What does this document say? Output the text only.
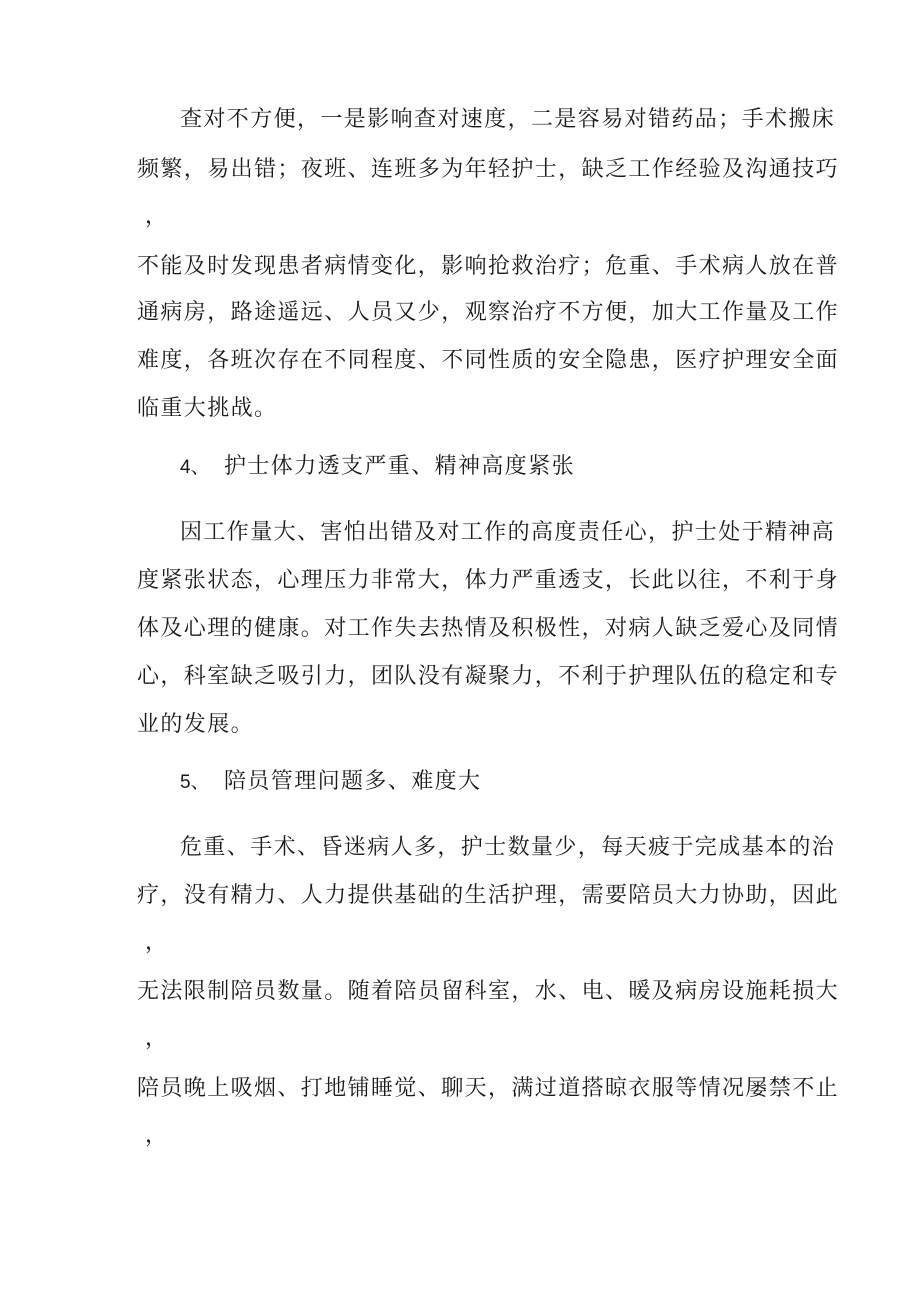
查对不方便，一是影响查对速度，二是容易对错药品；手术搬床
频繁，易出错；夜班、连班多为年轻护士，缺乏工作经验及沟通技巧
，
不能及时发现患者病情变化，影响抢救治疗；危重、手术病人放在普
通病房，路途遥远、人员又少，观察治疗不方便，加大工作量及工作
难度，各班次存在不同程度、不同性质的安全隐患，医疗护理安全面
临重大挑战。
4、 护士体力透支严重、精神高度紧张
因工作量大、害怕出错及对工作的高度责任心，护士处于精神高
度紧张状态，心理压力非常大，体力严重透支，长此以往，不利于身
体及心理的健康。对工作失去热情及积极性，对病人缺乏爱心及同情
心，科室缺乏吸引力，团队没有凝聚力，不利于护理队伍的稳定和专
业的发展。
5、 陪员管理问题多、难度大
危重、手术、昏迷病人多，护士数量少，每天疲于完成基本的治
疗，没有精力、人力提供基础的生活护理，需要陪员大力协助，因此
，
无法限制陪员数量。随着陪员留科室，水、电、暖及病房设施耗损大
，
陪员晚上吸烟、打地铺睡觉、聊天，满过道搭晾衣服等情况屡禁不止
，
